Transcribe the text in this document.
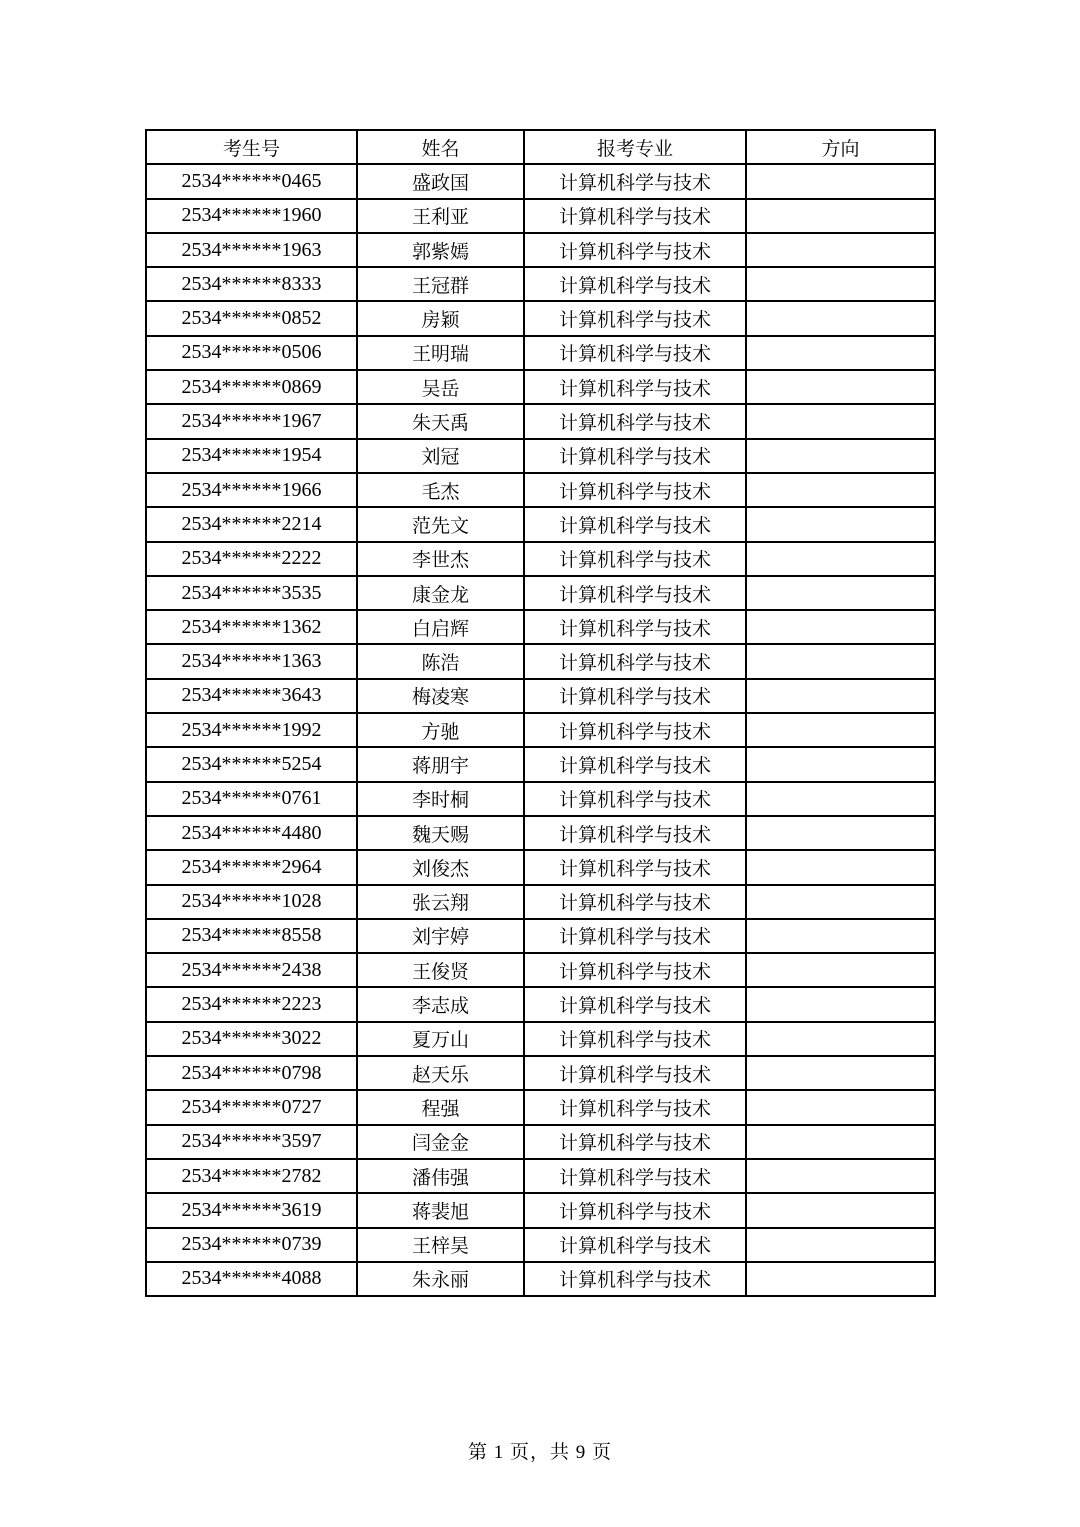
考生号	姓名	报考专业	方向
2534******0465	盛政国	计算机科学与技术	
2534******1960	王利亚	计算机科学与技术	
2534******1963	郭紫嫣	计算机科学与技术	
2534******8333	王冠群	计算机科学与技术	
2534******0852	房颖	计算机科学与技术	
2534******0506	王明瑞	计算机科学与技术	
2534******0869	吴岳	计算机科学与技术	
2534******1967	朱天禹	计算机科学与技术	
2534******1954	刘冠	计算机科学与技术	
2534******1966	毛杰	计算机科学与技术	
2534******2214	范先文	计算机科学与技术	
2534******2222	李世杰	计算机科学与技术	
2534******3535	康金龙	计算机科学与技术	
2534******1362	白启辉	计算机科学与技术	
2534******1363	陈浩	计算机科学与技术	
2534******3643	梅凌寒	计算机科学与技术	
2534******1992	方驰	计算机科学与技术	
2534******5254	蒋朋宇	计算机科学与技术	
2534******0761	李时桐	计算机科学与技术	
2534******4480	魏天赐	计算机科学与技术	
2534******2964	刘俊杰	计算机科学与技术	
2534******1028	张云翔	计算机科学与技术	
2534******8558	刘宇婷	计算机科学与技术	
2534******2438	王俊贤	计算机科学与技术	
2534******2223	李志成	计算机科学与技术	
2534******3022	夏万山	计算机科学与技术	
2534******0798	赵天乐	计算机科学与技术	
2534******0727	程强	计算机科学与技术	
2534******3597	闫金金	计算机科学与技术	
2534******2782	潘伟强	计算机科学与技术	
2534******3619	蒋裴旭	计算机科学与技术	
2534******0739	王梓昊	计算机科学与技术	
2534******4088	朱永丽	计算机科学与技术	
第 1 页，共 9 页
